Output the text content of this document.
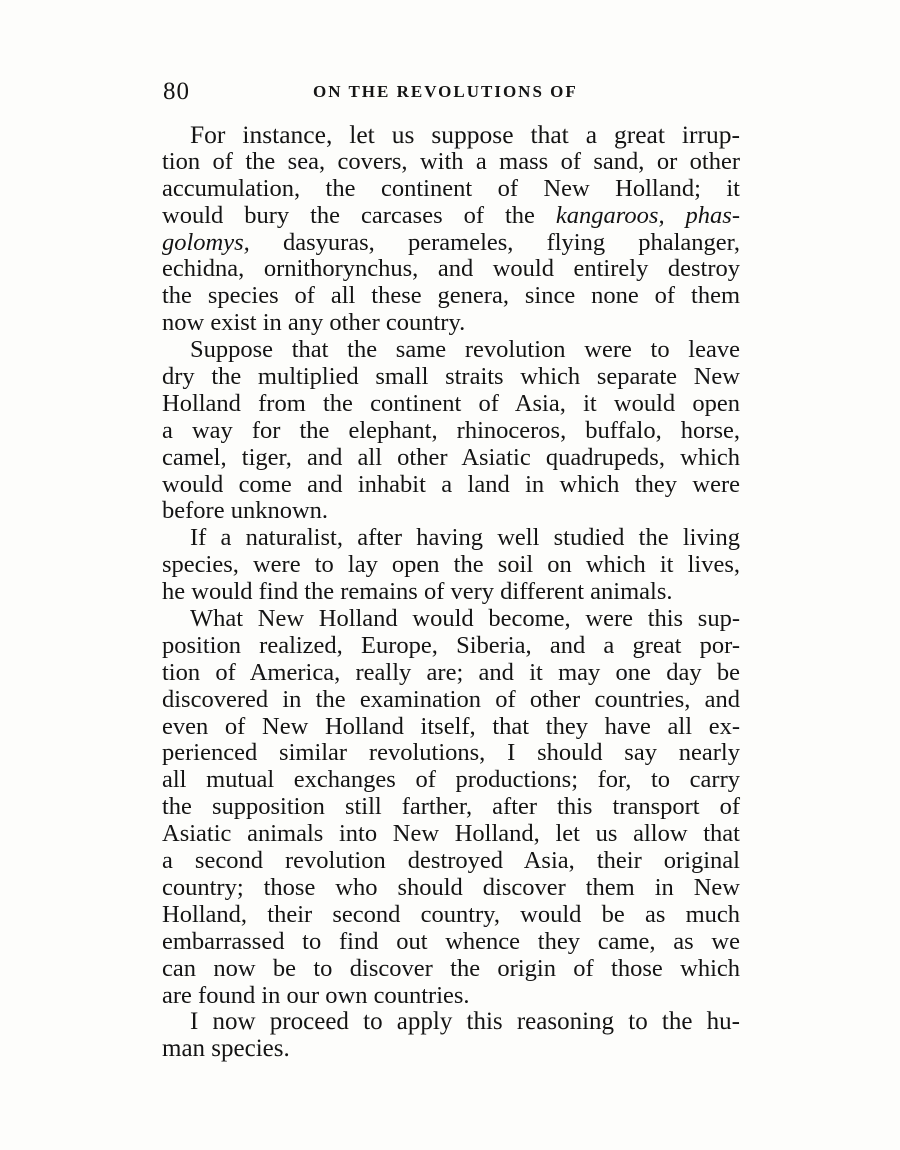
80	ON THE REVOLUTIONS OF
For instance, let us suppose that a great irrup-
tion of the sea, covers, with a mass of sand, or other
accumulation, the continent of New Holland; it
would bury the carcases of the kangaroos, phas-
golomys, dasyuras, perameles, flying phalanger,
echidna, ornithorynchus, and would entirely destroy
the species of all these genera, since none of them
now exist in any other country.
Suppose that the same revolution were to leave
dry the multiplied small straits which separate New
Holland from the continent of Asia, it would open
a way for the elephant, rhinoceros, buffalo, horse,
camel, tiger, and all other Asiatic quadrupeds, which
would come and inhabit a land in which they were
before unknown.
If a naturalist, after having well studied the living
species, were to lay open the soil on which it lives,
he would find the remains of very different animals.
What New Holland would become, were this sup-
position realized, Europe, Siberia, and a great por-
tion of America, really are; and it may one day be
discovered in the examination of other countries, and
even of New Holland itself, that they have all ex-
perienced similar revolutions, I should say nearly
all mutual exchanges of productions; for, to carry
the supposition still farther, after this transport of
Asiatic animals into New Holland, let us allow that
a second revolution destroyed Asia, their original
country; those who should discover them in New
Holland, their second country, would be as much
embarrassed to find out whence they came, as we
can now be to discover the origin of those which
are found in our own countries.
I now proceed to apply this reasoning to the hu-
man species.
